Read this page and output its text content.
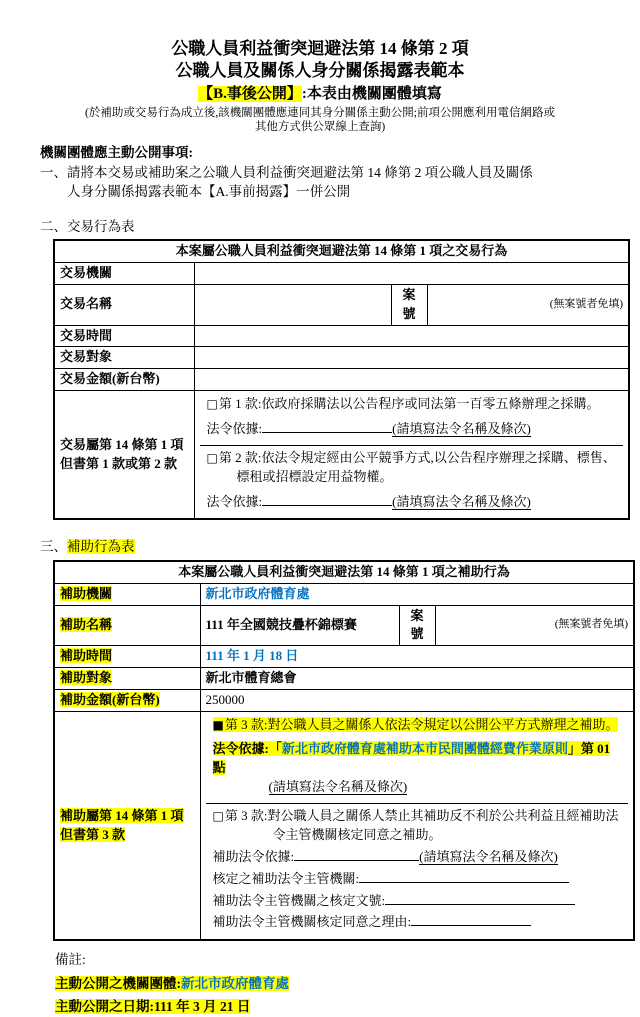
公職人員利益衝突迴避法第 14 條第 2 項
公職人員及關係人身分關係揭露表範本
【B.事後公開】:本表由機關團體填寫
(於補助或交易行為成立後,該機關團體應連同其身分關係主動公開;前項公開應利用電信網路或
其他方式供公眾線上查詢)
機關團體應主動公開事項:
一、請將本交易或補助案之公職人員利益衝突迴避法第 14 條第 2 項公職人員及關係
人身分關係揭露表範本【A.事前揭露】一併公開
二、交易行為表
本案屬公職人員利益衝突迴避法第 14 條第 1 項之交易行為			
交易機關			
交易名稱		案號	(無案號者免填)
交易時間			
交易對象			
交易金額(新台幣)			

交易屬第 14 條第 1 項
但書第 1 款或第 2 款

□第 1 款:依政府採購法以公告程序或同法第一百零五條辦理之採購。
法令依據:	(請填寫法令名稱及條次)
□第 2 款:依法令規定經由公平競爭方式,以公告程序辦理之採購、標售、
標租或招標設定用益物權。
法令依據:	(請填寫法令名稱及條次)
三、補助行為表
本案屬公職人員利益衝突迴避法第 14 條第 1 項之補助行為			
補助機關	新北市政府體育處		
補助名稱	111 年全國競技疊杯錦標賽	案號	(無案號者免填)
補助時間	111 年 1 月 18 日		
補助對象	新北市體育總會		
補助金額(新台幣)	250000		

補助屬第 14 條第 1 項
但書第 3 款

■第 3 款:對公職人員之關係人依法令規定以公開公平方式辦理之補助。
法令依據:「新北市政府體育處補助本市民間團體經費作業原則」第 01 點
(請填寫法令名稱及條次)
□第 3 款:對公職人員之關係人禁止其補助反不利於公共利益且經補助法
令主管機關核定同意之補助。
補助法令依據:	(請填寫法令名稱及條次)
核定之補助法令主管機關:
補助法令主管機關之核定文號:
補助法令主管機關核定同意之理由:
備註:
主動公開之機關團體:新北市政府體育處
主動公開之日期:111 年 3 月 21 日
